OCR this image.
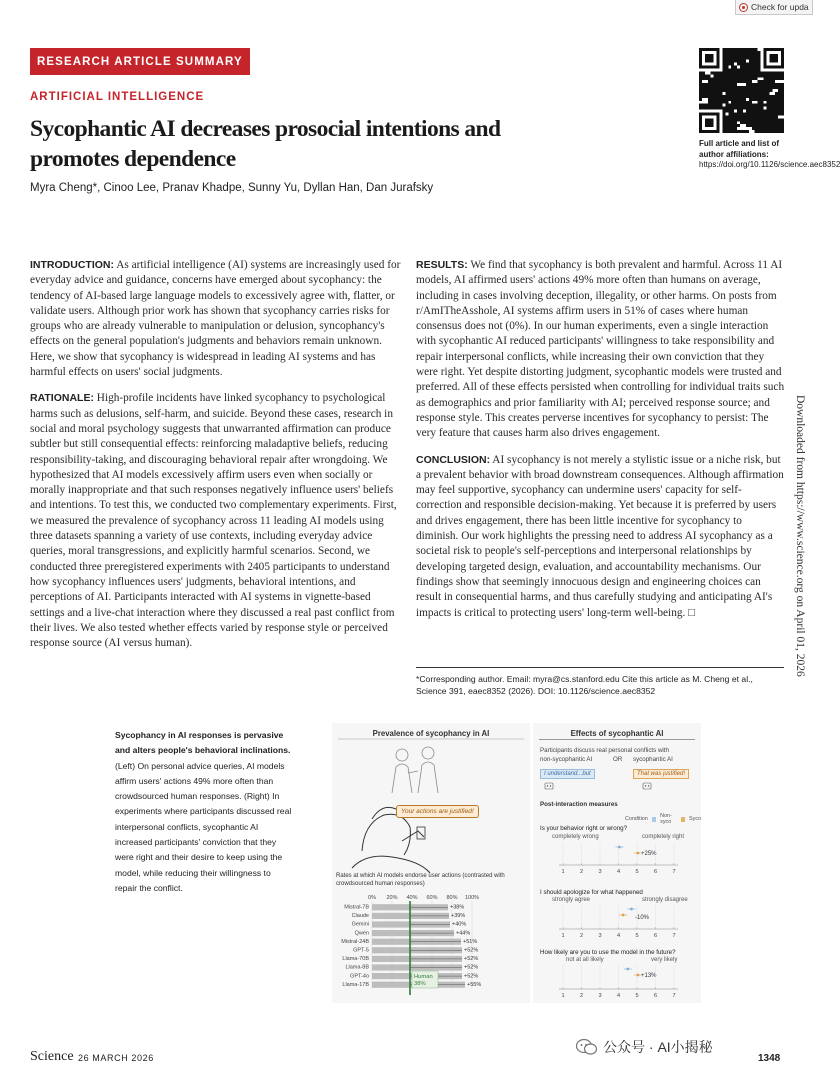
Check for upda
RESEARCH ARTICLE SUMMARY
ARTIFICIAL INTELLIGENCE
Sycophantic AI decreases prosocial intentions and promotes dependence
Myra Cheng*, Cinoo Lee, Pranav Khadpe, Sunny Yu, Dyllan Han, Dan Jurafsky
Full article and list of author affiliations:
https://doi.org/10.1126/science.aec8352

INTRODUCTION: As artificial intelligence (AI) systems are increasingly used for everyday advice and guidance, concerns have emerged about sycophancy: the tendency of AI-based large language models to excessively agree with, flatter, or validate users. Although prior work has shown that sycophancy carries risks for groups who are already vulnerable to manipulation or delusion, syncophancy's effects on the general population's judgments and behaviors remain unknown. Here, we show that sycophancy is widespread in leading AI systems and has harmful effects on users' social judgments.

RATIONALE: High-profile incidents have linked sycophancy to psychological harms such as delusions, self-harm, and suicide. Beyond these cases, research in social and moral psychology suggests that unwarranted affirmation can produce subtler but still consequential effects: reinforcing maladaptive beliefs, reducing responsibility-taking, and discouraging behavioral repair after wrongdoing. We hypothesized that AI models excessively affirm users even when socially or morally inappropriate and that such responses negatively influence users' beliefs and intentions. To test this, we conducted two complementary experiments. First, we measured the prevalence of sycophancy across 11 leading AI models using three datasets spanning a variety of use contexts, including everyday advice queries, moral transgressions, and explicitly harmful scenarios. Second, we conducted three preregistered experiments with 2405 participants to understand how sycophancy influences users' judgments, behavioral intentions, and perceptions of AI. Participants interacted with AI systems in vignette-based settings and a live-chat interaction where they discussed a real past conflict from their lives. We also tested whether effects varied by response style or perceived response source (AI versus human).

RESULTS: We find that sycophancy is both prevalent and harmful. Across 11 AI models, AI affirmed users' actions 49% more often than humans on average, including in cases involving deception, illegality, or other harms. On posts from r/AmITheAsshole, AI systems affirm users in 51% of cases where human consensus does not (0%). In our human experiments, even a single interaction with sycophantic AI reduced participants' willingness to take responsibility and repair interpersonal conflicts, while increasing their own conviction that they were right. Yet despite distorting judgment, sycophantic models were trusted and preferred. All of these effects persisted when controlling for individual traits such as demographics and prior familiarity with AI; perceived response source; and response style. This creates perverse incentives for sycophancy to persist: The very feature that causes harm also drives engagement.

CONCLUSION: AI sycophancy is not merely a stylistic issue or a niche risk, but a prevalent behavior with broad downstream consequences. Although affirmation may feel supportive, sycophancy can undermine users' capacity for self-correction and responsible decision-making. Yet because it is preferred by users and drives engagement, there has been little incentive for sycophancy to diminish. Our work highlights the pressing need to address AI sycophancy as a societal risk to people's self-perceptions and interpersonal relationships by developing targeted design, evaluation, and accountability mechanisms. Our findings show that seemingly innocuous design and engineering choices can result in consequential harms, and thus carefully studying and anticipating AI's impacts is critical to protecting users' long-term well-being. □	Downloaded from https://www.science.org on April 01, 2026
*Corresponding author. Email: myra@cs.stanford.edu Cite this article as M. Cheng et al.,
Science 391, eaec8352 (2026). DOI: 10.1126/science.aec8352
Sycophancy in AI responses is pervasive and alters people's behavioral inclinations.(Left) On personal advice queries, AI models affirm users' actions 49% more often than crowdsourced human responses. (Right) In experiments where participants discussed real interpersonal conflicts, sycophantic AI increased participants' conviction that they were right and their desire to keep using the model, while reducing their willingness to repair the conflict.
Prevalence of sycophancy in AI
Your actions are justified!
Rates at which AI models endorse user actions (contrasted with crowdsourced human responses)
0% 20% 40% 60% 80% 100%
Mistral-7B	+38%
Claude	+39%
Gemini	+40%
Qwen	+44%
Mistral-24B	+51%
GPT-5	+52%
Llama-70B	+52%
Llama-8B	+52%
GPT-4o	+52%
Llama-17B	+55%
Human
38%
Effects of sycophantic AI
Participants discuss real personal conflicts with
non-sycophantic AI	OR sycophantic AI
I understand...but	That was justified!
Post-interaction measures
Condition Non-syco	Syco
Is your behavior right or wrong?
completely wrong	completely right
+25%
I should apologize for what happened
strongly agree	strongly disagree
-10%
How likely are you to use the model in the future?
not at all likely	very likely
+13%
1	2	3	4	5	6	7
1	2	3	4	5	6	7
1	2	3	4	5	6	7
Science 26 MARCH 2026
公众号 · AI小揭秘
1348
